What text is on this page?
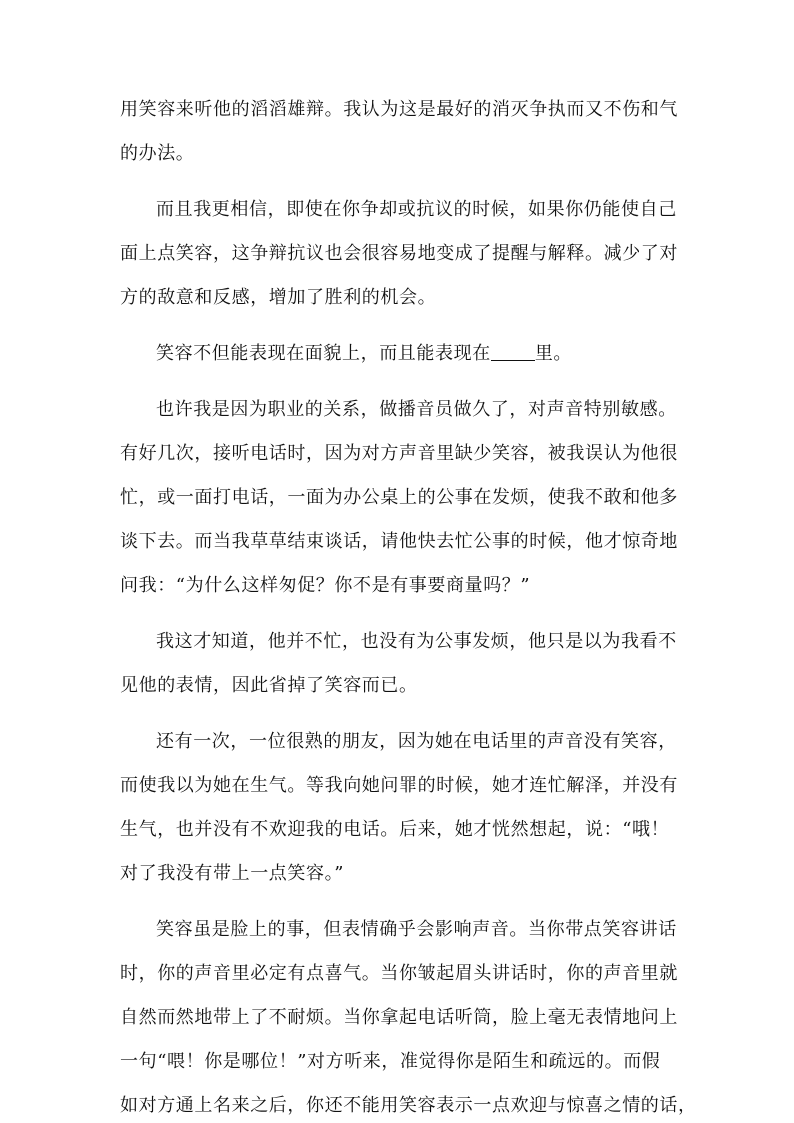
用笑容来听他的滔滔雄辩。我认为这是最好的消灭争执而又不伤和气
的办法。
而且我更相信，即使在你争却或抗议的时候，如果你仍能使自己
面上点笑容，这争辩抗议也会很容易地变成了提醒与解释。减少了对
方的敌意和反感，增加了胜利的机会。
笑容不但能表现在面貌上，而且能表现在 里。
也许我是因为职业的关系，做播音员做久了，对声音特别敏感。
有好几次，接听电话时，因为对方声音里缺少笑容，被我误认为他很
忙，或一面打电话，一面为办公桌上的公事在发烦，使我不敢和他多
谈下去。而当我草草结束谈话，请他快去忙公事的时候，他才惊奇地
问我：“为什么这样匆促？你不是有事要商量吗？”
我这才知道，他并不忙，也没有为公事发烦，他只是以为我看不
见他的表情，因此省掉了笑容而已。
还有一次，一位很熟的朋友，因为她在电话里的声音没有笑容，
而使我以为她在生气。等我向她问罪的时候，她才连忙解泽，并没有
生气，也并没有不欢迎我的电话。后来，她才恍然想起，说：“哦！
对了我没有带上一点笑容。”
笑容虽是脸上的事，但表情确乎会影响声音。当你带点笑容讲话
时，你的声音里必定有点喜气。当你皱起眉头讲话时，你的声音里就
自然而然地带上了不耐烦。当你拿起电话听筒，脸上毫无表情地问上
一句“喂！你是哪位！”对方听来，准觉得你是陌生和疏远的。而假
如对方通上名来之后，你还不能用笑容表示一点欢迎与惊喜之情的话，
